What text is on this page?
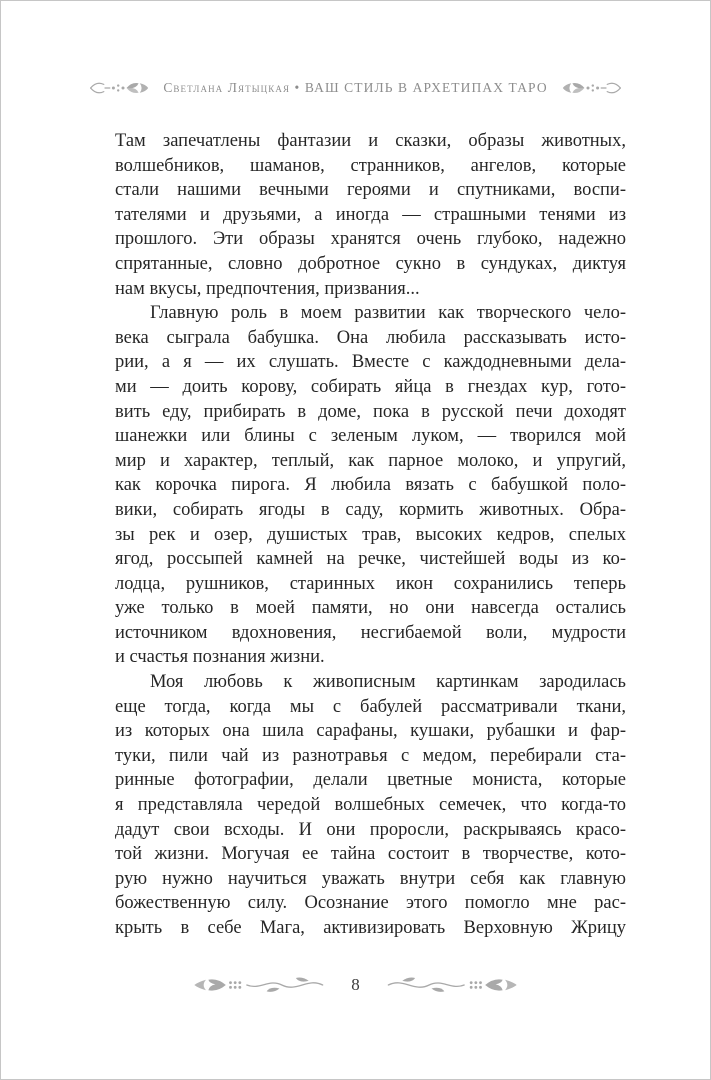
Светлана Лятыцкая • ВАШ СТИЛЬ В АРХЕТИПАХ ТАРО
Там запечатлены фантазии и сказки, образы животных,
волшебников, шаманов, странников, ангелов, которые
стали нашими вечными героями и спутниками, воспи-
тателями и друзьями, а иногда — страшными тенями из
прошлого. Эти образы хранятся очень глубоко, надежно
спрятанные, словно добротное сукно в сундуках, диктуя
нам вкусы, предпочтения, призвания...
Главную роль в моем развитии как творческого чело-
века сыграла бабушка. Она любила рассказывать исто-
рии, а я — их слушать. Вместе с каждодневными дела-
ми — доить корову, собирать яйца в гнездах кур, гото-
вить еду, прибирать в доме, пока в русской печи доходят
шанежки или блины с зеленым луком, — творился мой
мир и характер, теплый, как парное молоко, и упругий,
как корочка пирога. Я любила вязать с бабушкой поло-
вики, собирать ягоды в саду, кормить животных. Обра-
зы рек и озер, душистых трав, высоких кедров, спелых
ягод, россыпей камней на речке, чистейшей воды из ко-
лодца, рушников, старинных икон сохранились теперь
уже только в моей памяти, но они навсегда остались
источником вдохновения, несгибаемой воли, мудрости
и счастья познания жизни.
Моя любовь к живописным картинкам зародилась
еще тогда, когда мы с бабулей рассматривали ткани,
из которых она шила сарафаны, кушаки, рубашки и фар-
туки, пили чай из разнотравья с медом, перебирали ста-
ринные фотографии, делали цветные мониста, которые
я представляла чередой волшебных семечек, что когда-то
дадут свои всходы. И они проросли, раскрываясь красо-
той жизни. Могучая ее тайна состоит в творчестве, кото-
рую нужно научиться уважать внутри себя как главную
божественную силу. Осознание этого помогло мне рас-
крыть в себе Мага, активизировать Верховную Жрицу
8
